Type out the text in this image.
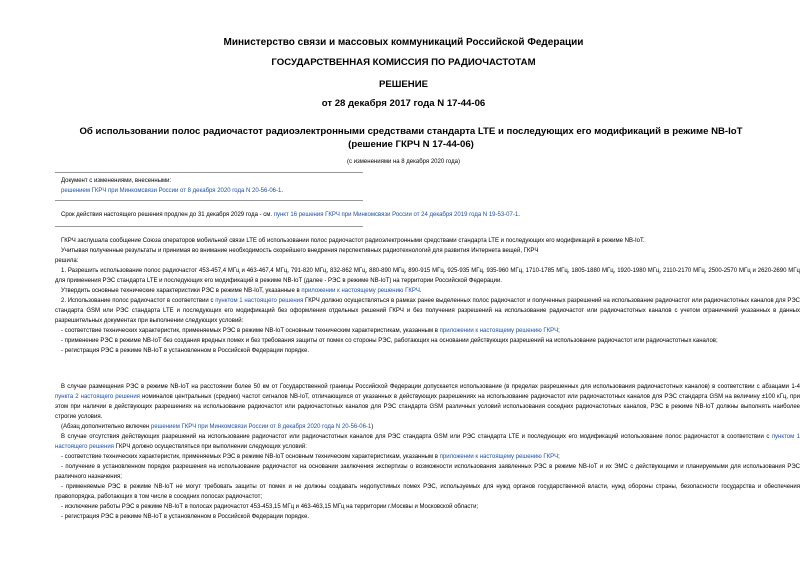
Министерство связи и массовых коммуникаций Российской Федерации
ГОСУДАРСТВЕННАЯ КОМИССИЯ ПО РАДИОЧАСТОТАМ
РЕШЕНИЕ
от 28 декабря 2017 года N 17-44-06
Об использовании полос радиочастот радиоэлектронными средствами стандарта LTE и последующих его модификаций в режиме NB-IoT (решение ГКРЧ N 17-44-06)
(с изменениями на 8 декабря 2020 года)
Документ с изменениями, внесенными:
решением ГКРЧ при Минкомсвязи России от 8 декабря 2020 года N 20-56-06-1.
Срок действия настоящего решения продлен до 31 декабря 2029 года - см. пункт 16 решения ГКРЧ при Минкомсвязи России от 24 декабря 2019 года N 19-53-07-1.

ГКРЧ заслушала сообщение Союза операторов мобильной связи LTE об использовании полос радиочастот радиоэлектронными средствами стандарта LTE и последующих его модификаций в режиме NB-IoT.

Учитывая полученные результаты и принимая во внимание необходимость скорейшего внедрения перспективных радиотехнологий для развития Интернета вещей, ГКРЧ

решила:

1. Разрешить использование полос радиочастот 453-457,4 МГц и 463-467,4 МГц, 791-820 МГц, 832-862 МГц, 880-890 МГц, 890-915 МГц, 925-935 МГц, 935-960 МГц, 1710-1785 МГц, 1805-1880 МГц, 1920-1980 МГц, 2110-2170 МГц, 2500-2570 МГц и 2620-2690 МГц для применения РЭС стандарта LTE и последующих его модификаций в режиме NB-IoT (далее - РЭС в режиме NB-IoT) на территории Российской Федерации.

Утвердить основные технические характеристики РЭС в режиме NB-IoT, указанные в приложении к настоящему решению ГКРЧ.

2. Использование полос радиочастот в соответствии с пунктом 1 настоящего решения ГКРЧ должно осуществляться в рамках ранее выделенных полос радиочастот и полученных разрешений на использование радиочастот или радиочастотных каналов для РЭС стандарта GSM или РЭС стандарта LTE и последующих его модификаций без оформления отдельных решений ГКРЧ и без получения разрешений на использование радиочастот или радиочастотных каналов с учетом ограничений указанных в данных разрешительных документах при выполнении следующих условий:

- соответствие технических характеристик, применяемых РЭС в режиме NB-IoT основным техническим характеристикам, указанным в приложении к настоящему решению ГКРЧ;

- применение РЭС в режиме NB-IoT без создания вредных помех и без требования защиты от помех со стороны РЭС, работающих на основании действующих разрешений на использование радиочастот или радиочастотных каналов;

- регистрация РЭС в режиме NB-IoT в установленном в Российской Федерации порядке.

В случае размещения РЭС в режиме NB-IoT на расстоянии более 50 км от Государственной границы Российской Федерации допускается использование (в пределах разрешенных для использования радиочастотных каналов) в соответствии с абзацами 1-4 пункта 2 настоящего решения номиналов центральных (средних) частот сигналов NB-IoT, отличающихся от указанных в действующих разрешениях на использование радиочастот или радиочастотных каналов для РЭС стандарта GSM на величину ±100 кГц, при этом при наличии в действующих разрешениях на использование радиочастот или радиочастотных каналов для РЭС стандарта GSM различных условий использования соседних радиочастотных каналов, РЭС в режиме NB-IoT должны выполнять наиболее строгие условия.

(Абзац дополнительно включен решением ГКРЧ при Минкомсвязи России от 8 декабря 2020 года N 20-56-06-1)

В случае отсутствия действующих разрешений на использование радиочастот или радиочастотных каналов для РЭС стандарта GSM или РЭС стандарта LTE и последующих его модификаций использование полос радиочастот в соответствии с пунктом 1 настоящего решения ГКРЧ должно осуществляться при выполнении следующих условий:

- соответствие технических характеристик, применяемых РЭС в режиме NB-IoT основным техническим характеристикам, указанным в приложении к настоящему решению ГКРЧ;

- получение в установленном порядке разрешения на использование радиочастот на основании заключения экспертизы о возможности использования заявленных РЭС в режиме NB-IoT и их ЭМС с действующими и планируемыми для использования РЭС различного назначения;

- применяемые РЭС в режиме NB-IoT не могут требовать защиты от помех и не должны создавать недопустимых помех РЭС, используемых для нужд органов государственной власти, нужд обороны страны, безопасности государства и обеспечения правопорядка, работающих в том числе в соседних полосах радиочастот;

- исключение работы РЭС в режиме NB-IoT в полосах радиочастот 453-453,15 МГц и 463-463,15 МГц на территории г.Москвы и Московской области;

- регистрация РЭС в режиме NB-IoT в установленном в Российской Федерации порядке.
